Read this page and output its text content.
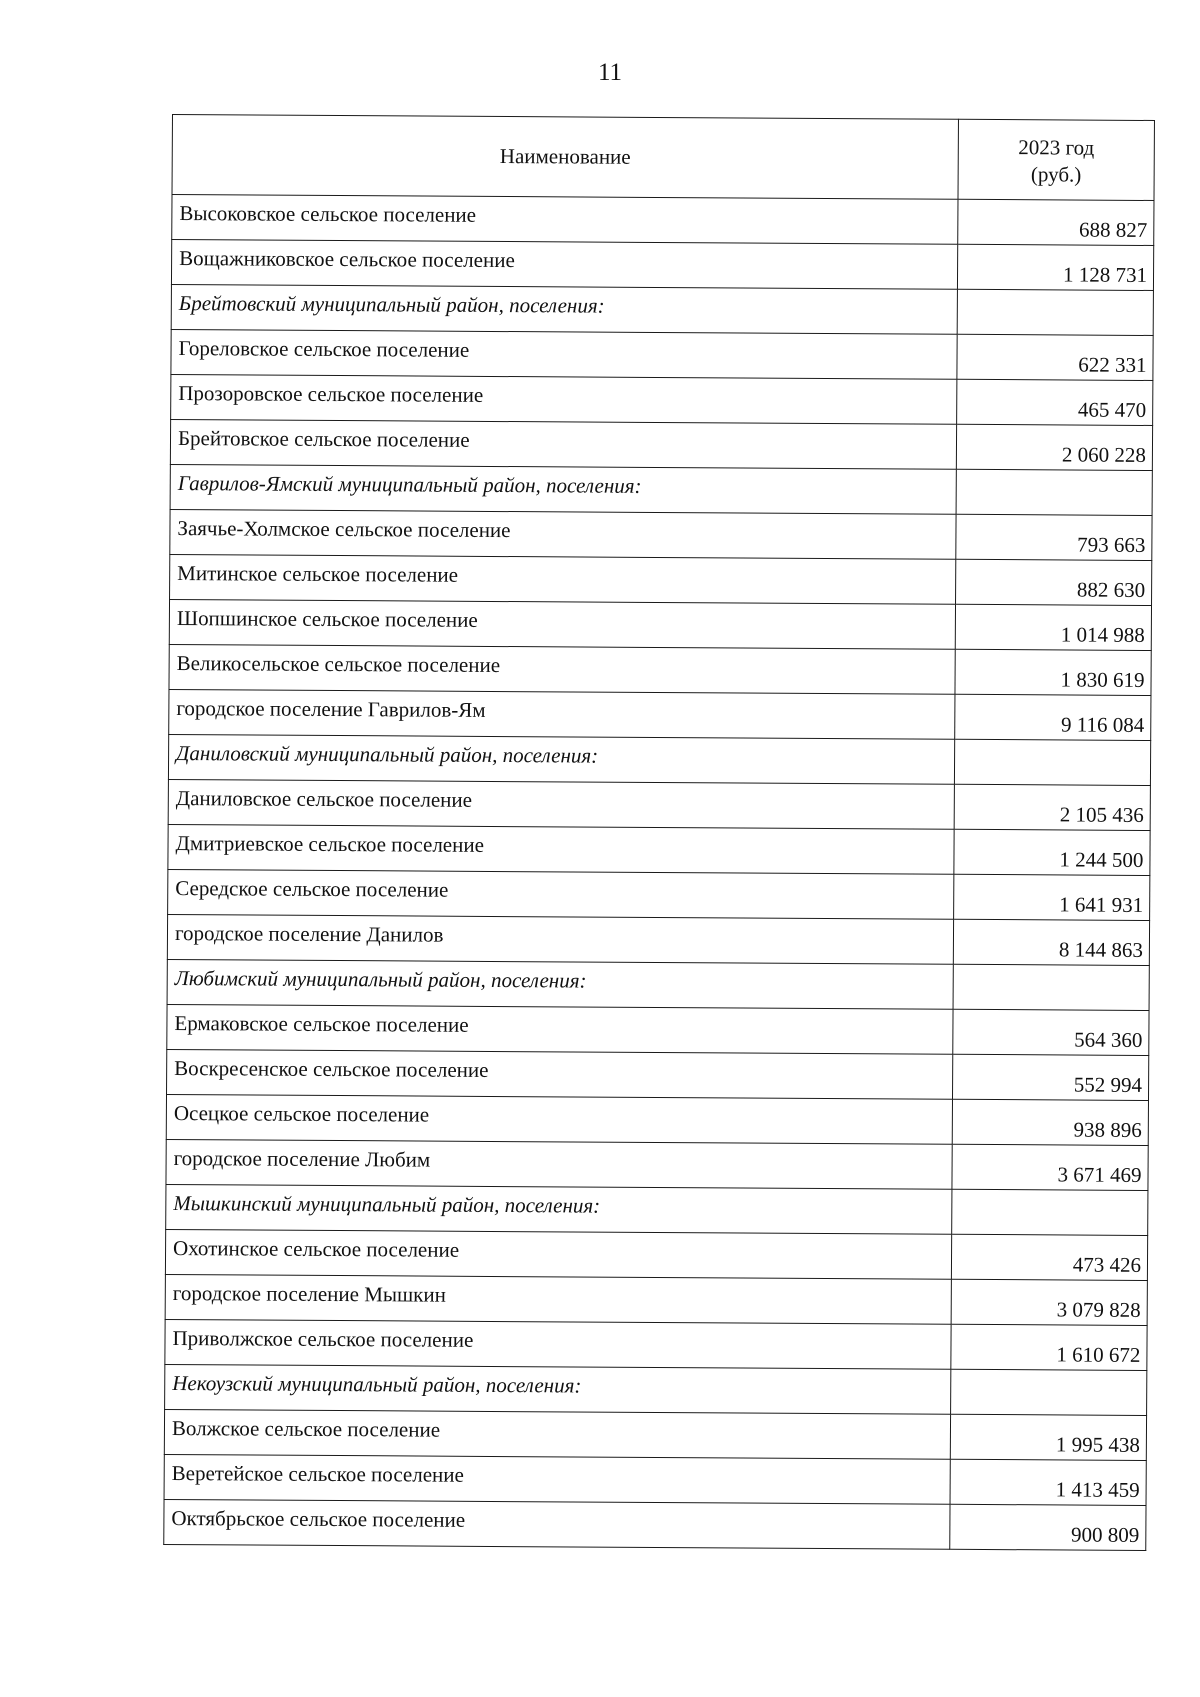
11
Наименование	2023 год
(руб.)

Высоковское сельское поселение	688 827
Вощажниковское сельское поселение	1 128 731
Брейтовский муниципальный район, поселения:	
Гореловское сельское поселение	622 331
Прозоровское сельское поселение	465 470
Брейтовское сельское поселение	2 060 228
Гаврилов-Ямский муниципальный район, поселения:	
Заячье-Холмское сельское поселение	793 663
Митинское сельское поселение	882 630
Шопшинское сельское поселение	1 014 988
Великосельское сельское поселение	1 830 619
городское поселение Гаврилов-Ям	9 116 084
Даниловский муниципальный район, поселения:	
Даниловское сельское поселение	2 105 436
Дмитриевское сельское поселение	1 244 500
Середское сельское поселение	1 641 931
городское поселение Данилов	8 144 863
Любимский муниципальный район, поселения:	
Ермаковское сельское поселение	564 360
Воскресенское сельское поселение	552 994
Осецкое сельское поселение	938 896
городское поселение Любим	3 671 469
Мышкинский муниципальный район, поселения:	
Охотинское сельское поселение	473 426
городское поселение Мышкин	3 079 828
Приволжское сельское поселение	1 610 672
Некоузский муниципальный район, поселения:	
Волжское сельское поселение	1 995 438
Веретейское сельское поселение	1 413 459
Октябрьское сельское поселение	900 809
